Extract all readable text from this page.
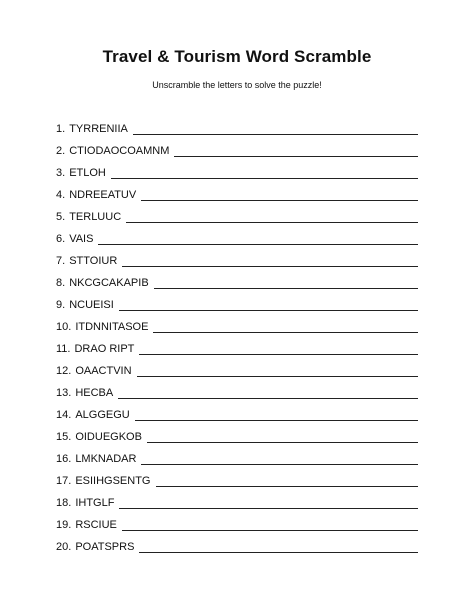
Travel & Tourism Word Scramble
Unscramble the letters to solve the puzzle!
1 . TYRRENIIA
2 . CTIODAOCOAMNM
3 . ETLOH
4 . NDREEATUV
5 . TERLUUC
6 . VAIS
7 . STTOIUR
8 . NKCGCAKAPIB
9 . NCUEISI
10 . ITDNNITASOE
11 . DRAO RIPT
12 . OAACTVIN
13 . HECBA
14 . ALGGEGU
15 . OIDUEGKOB
16 . LMKNADAR
17 . ESIIHGSENTG
18 . IHTGLF
19 . RSCIUE
20 . POATSPRS
